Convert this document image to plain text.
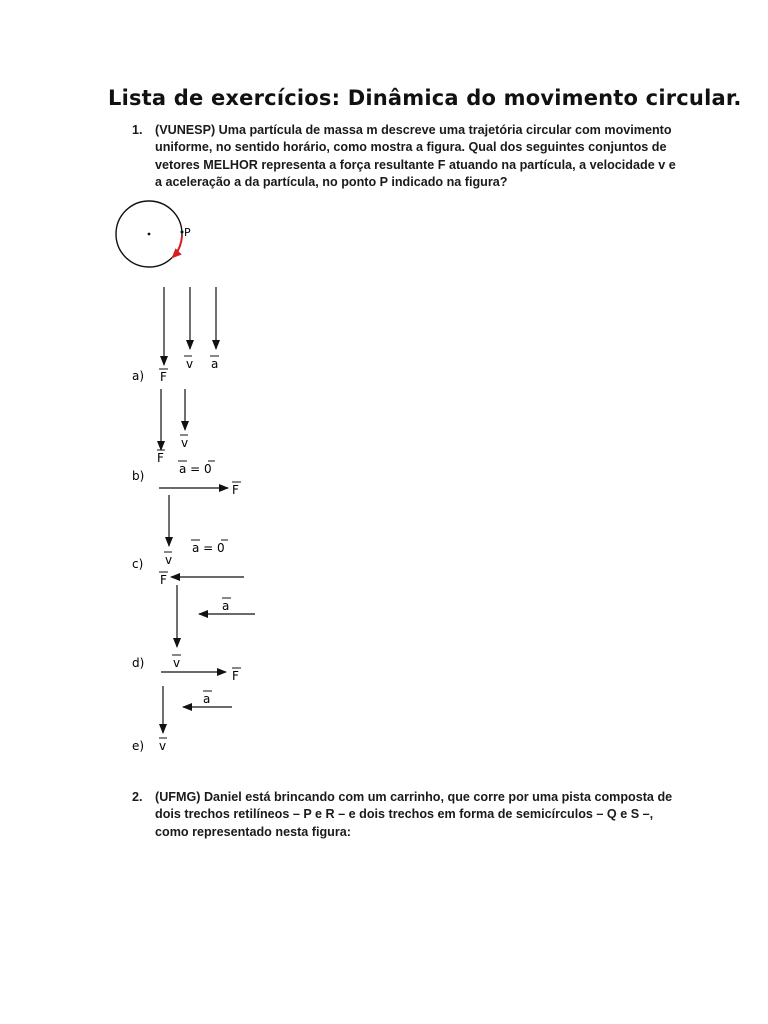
Lista de exercícios: Dinâmica do movimento circular.
1. (VUNESP) Uma partícula de massa m descreve uma trajetória circular com movimento

uniforme, no sentido horário, como mostra a figura. Qual dos seguintes conjuntos de

vetores MELHOR representa a força resultante F atuando na partícula, a velocidade v e

a aceleração a da partícula, no ponto P indicado na figura?

2. (UFMG) Daniel está brincando com um carrinho, que corre por uma pista composta de

dois trechos retilíneos – P e R – e dois trechos em forma de semicírculos – Q e S –,

como representado nesta figura:

P
v a
a) F
v
F
a = 0
b)
F
a = 0
v
c)
F
a
v
d)
F
a
e) v
